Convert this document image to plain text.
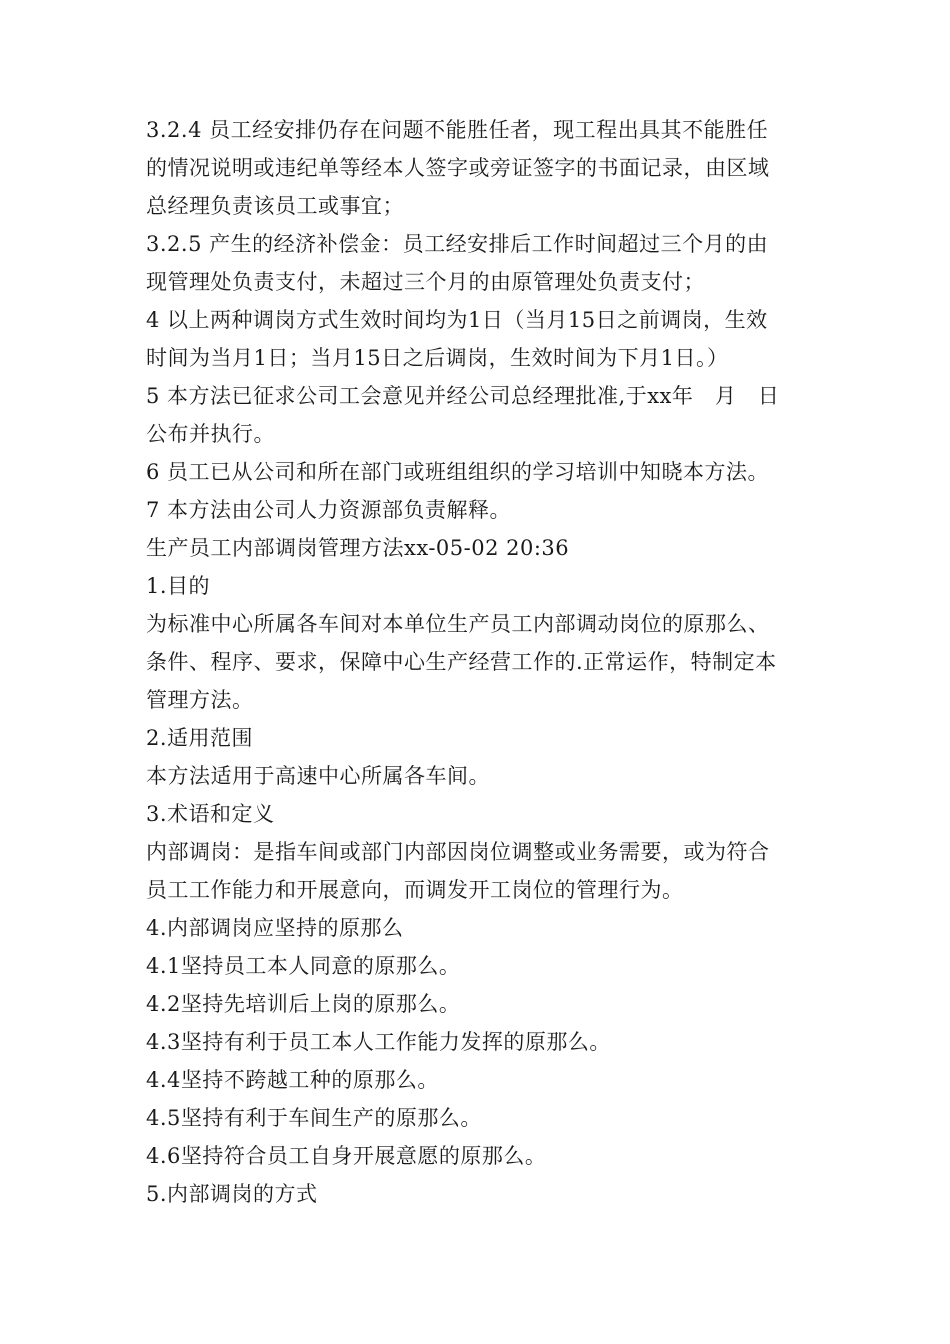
3.2.4 员工经安排仍存在问题不能胜任者，现工程出具其不能胜任
的情况说明或违纪单等经本人签字或旁证签字的书面记录，由区域
总经理负责该员工或事宜；
3.2.5 产生的经济补偿金：员工经安排后工作时间超过三个月的由
现管理处负责支付，未超过三个月的由原管理处负责支付；
4 以上两种调岗方式生效时间均为1日（当月15日之前调岗，生效
时间为当月1日；当月15日之后调岗，生效时间为下月1日。）
5 本方法已征求公司工会意见并经公司总经理批准,于xx年　月　日
公布并执行。
6 员工已从公司和所在部门或班组组织的学习培训中知晓本方法。
7 本方法由公司人力资源部负责解释。
生产员工内部调岗管理方法xx-05-02 20:36
1.目的
为标准中心所属各车间对本单位生产员工内部调动岗位的原那么、
条件、程序、要求，保障中心生产经营工作的.正常运作，特制定本
管理方法。
2.适用范围
本方法适用于高速中心所属各车间。
3.术语和定义
内部调岗：是指车间或部门内部因岗位调整或业务需要，或为符合
员工工作能力和开展意向，而调发开工岗位的管理行为。
4.内部调岗应坚持的原那么
4.1坚持员工本人同意的原那么。
4.2坚持先培训后上岗的原那么。
4.3坚持有利于员工本人工作能力发挥的原那么。
4.4坚持不跨越工种的原那么。
4.5坚持有利于车间生产的原那么。
4.6坚持符合员工自身开展意愿的原那么。
5.内部调岗的方式
